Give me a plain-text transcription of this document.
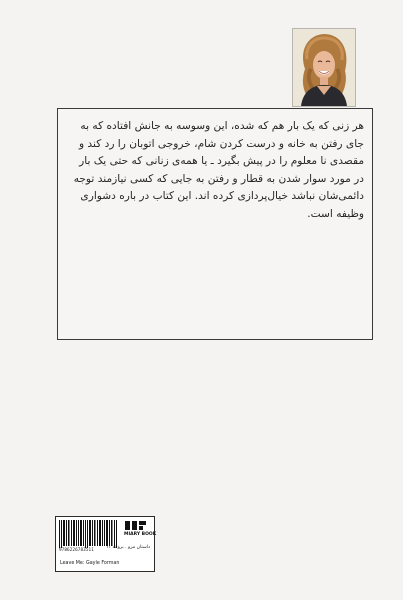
هر زنی که یک بار هم که شده، این وسوسه به جانش افتاده که به جای رفتن به خانه و درست کردن شام، خروجی اتوبان را رد کند و مقصدی نا معلوم را در پیش بگیرد ـ یا همه‌ی زنانی که حتی یک بار در مورد سوار شدن به قطار و رفتن به جایی که کسی نیازمند توجه دائمی‌شان نباشد خیال‌پردازی کرده اند. این کتاب در باره دشواری وظیفه است.
9786226783511
MIARY BOOK
داستان مرو . برونته ۱۱
Leave Me: Gayle Forman
